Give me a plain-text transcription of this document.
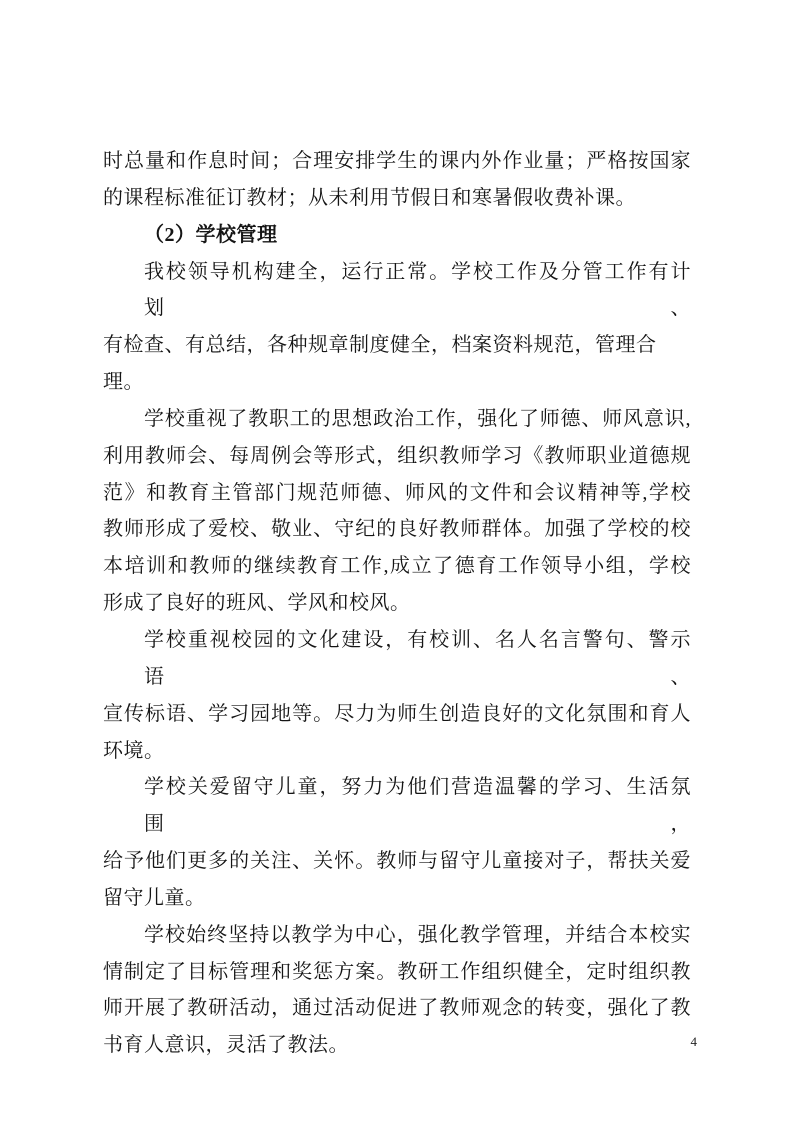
时总量和作息时间；合理安排学生的课内外作业量；严格按国家
的课程标准征订教材；从未利用节假日和寒暑假收费补课。
（2）学校管理
我校领导机构建全，运行正常。学校工作及分管工作有计划、
有检查、有总结，各种规章制度健全，档案资料规范，管理合理。
学校重视了教职工的思想政治工作，强化了师德、师风意识,
利用教师会、每周例会等形式，组织教师学习《教师职业道德规
范》和教育主管部门规范师德、师风的文件和会议精神等,学校
教师形成了爱校、敬业、守纪的良好教师群体。加强了学校的校
本培训和教师的继续教育工作,成立了德育工作领导小组，学校
形成了良好的班风、学风和校风。
学校重视校园的文化建设，有校训、名人名言警句、警示语、
宣传标语、学习园地等。尽力为师生创造良好的文化氛围和育人
环境。
学校关爱留守儿童，努力为他们营造温馨的学习、生活氛围，
给予他们更多的关注、关怀。教师与留守儿童接对子，帮扶关爱
留守儿童。
学校始终坚持以教学为中心，强化教学管理，并结合本校实
情制定了目标管理和奖惩方案。教研工作组织健全，定时组织教
师开展了教研活动，通过活动促进了教师观念的转变，强化了教
书育人意识，灵活了教法。	4
